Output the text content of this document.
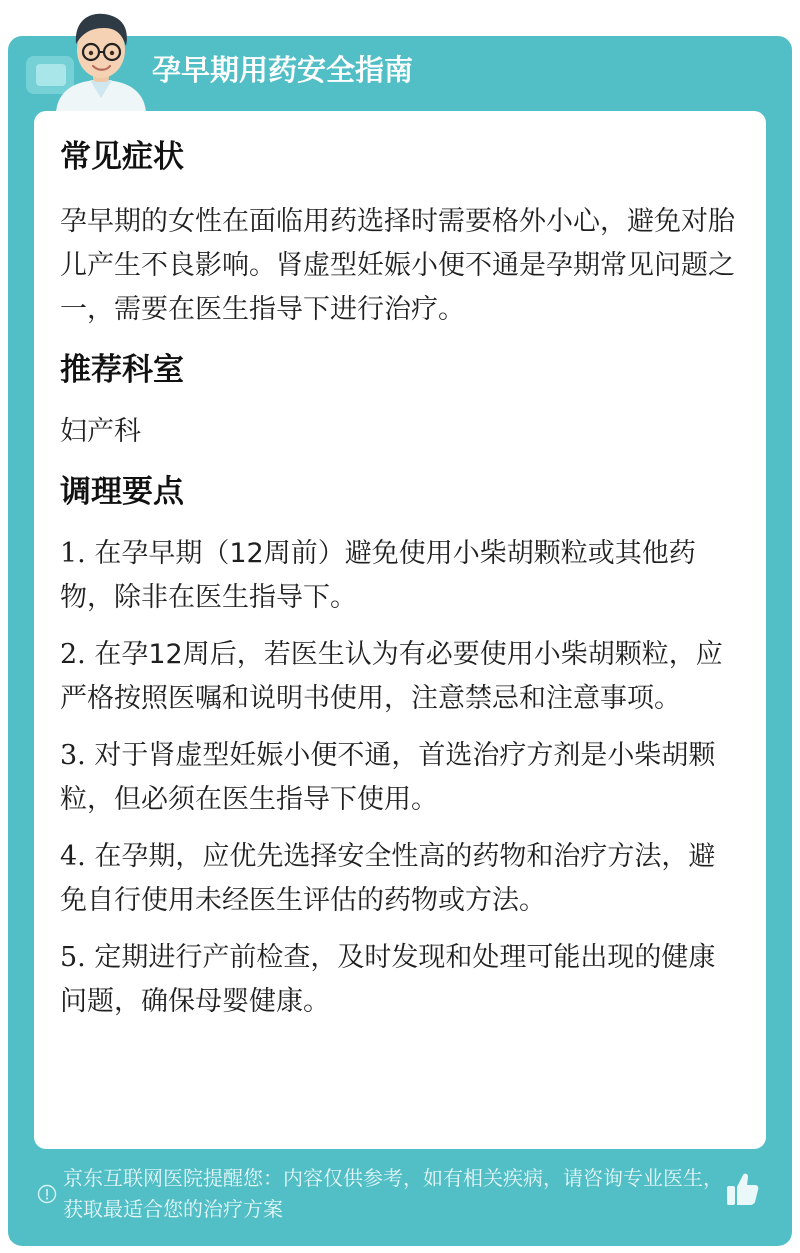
孕早期用药安全指南
常见症状

孕早期的女性在面临用药选择时需要格外小心，避免对胎儿产生不良影响。肾虚型妊娠小便不通是孕期常见问题之一，需要在医生指导下进行治疗。

推荐科室

妇产科

调理要点
1. 在孕早期（12周前）避免使用小柴胡颗粒或其他药物，除非在医生指导下。
2. 在孕12周后，若医生认为有必要使用小柴胡颗粒，应严格按照医嘱和说明书使用，注意禁忌和注意事项。
3. 对于肾虚型妊娠小便不通，首选治疗方剂是小柴胡颗粒，但必须在医生指导下使用。
4. 在孕期，应优先选择安全性高的药物和治疗方法，避免自行使用未经医生评估的药物或方法。
5. 定期进行产前检查，及时发现和处理可能出现的健康问题，确保母婴健康。
京东互联网医院提醒您：内容仅供参考，如有相关疾病，请咨询专业医生，获取最适合您的治疗方案
